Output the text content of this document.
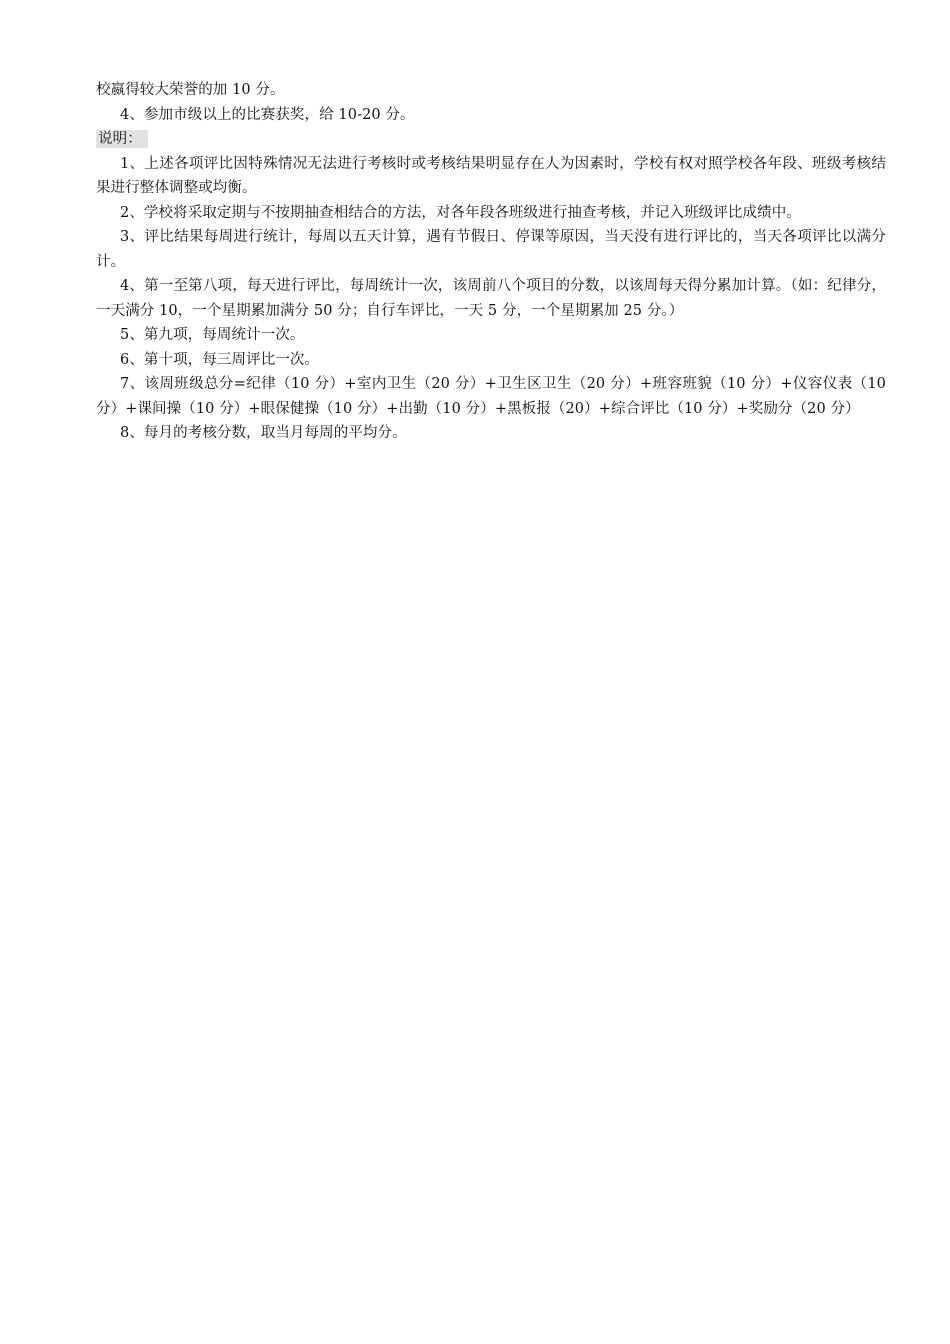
校嬴得较大荣誉的加 10 分。

4、参加市级以上的比赛获奖，给 10-20 分。

说明：

1、上述各项评比因特殊情况无法进行考核时或考核结果明显存在人为因素时，学校有权对照学校各年段、班级考核结果进行整体调整或均衡。

2、学校将采取定期与不按期抽查相结合的方法，对各年段各班级进行抽查考核，并记入班级评比成绩中。

3、评比结果每周进行统计，每周以五天计算，遇有节假日、停课等原因，当天没有进行评比的，当天各项评比以满分计。

4、第一至第八项，每天进行评比，每周统计一次，该周前八个项目的分数，以该周每天得分累加计算。（如：纪律分，一天满分 10，一个星期累加满分 50 分；自行车评比，一天 5 分，一个星期累加 25 分。）

5、第九项，每周统计一次。

6、第十项，每三周评比一次。

7、该周班级总分=纪律（10 分）+室内卫生（20 分）+卫生区卫生（20 分）+班容班貌（10 分）+仪容仪表（10 分）+课间操（10 分）+眼保健操（10 分）+出勤（10 分）+黑板报（20）+综合评比（10 分）+奖励分（20 分）

8、每月的考核分数，取当月每周的平均分。
